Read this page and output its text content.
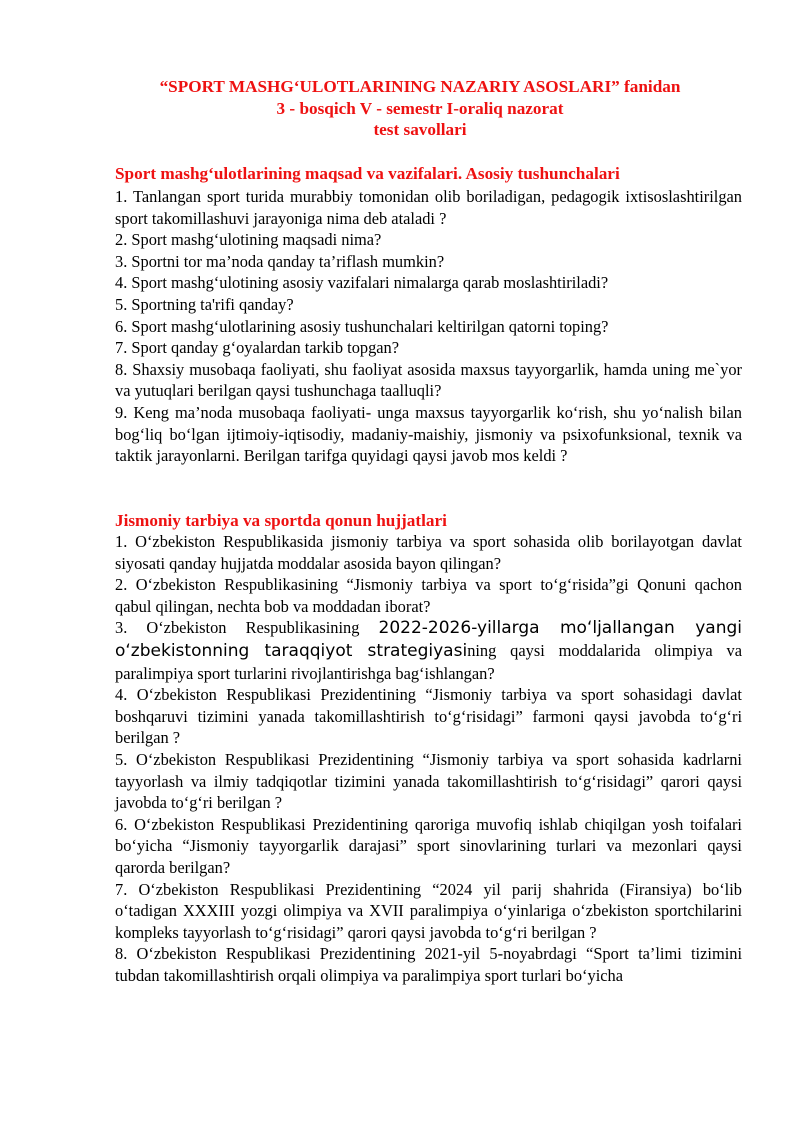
“SPORT MASHG‘ULOTLARINING NAZARIY ASOSLARI” fanidan
3 - bosqich V - semestr I-oraliq nazorat
test savollari
Sport mashg‘ulotlarining maqsad va vazifalari. Asosiy tushunchalari

1. Tanlangan sport turida murabbiy tomonidan olib boriladigan, pedagogik ixtisoslashtirilgan sport takomillashuvi jarayoniga nima deb ataladi ?

2. Sport mashg‘ulotining maqsadi nima?

3. Sportni tor ma’noda qanday ta’riflash mumkin?

4. Sport mashg‘ulotining asosiy vazifalari nimalarga qarab moslashtiriladi?

5. Sportning ta'rifi qanday?

6. Sport mashg‘ulotlarining asosiy tushunchalari keltirilgan qatorni toping?

7. Sport qanday g‘oyalardan tarkib topgan?

8. Shaxsiy musobaqa faoliyati, shu faoliyat asosida maxsus tayyorgarlik, hamda uning me`yor va yutuqlari berilgan qaysi tushunchaga taalluqli?

9. Keng ma’noda musobaqa faoliyati- unga maxsus tayyorgarlik ko‘rish, shu yo‘nalish bilan bog‘liq bo‘lgan ijtimoiy-iqtisodiy, madaniy-maishiy, jismoniy va psixofunksional, texnik va taktik jarayonlarni. Berilgan tarifga quyidagi qaysi javob mos keldi ?

Jismoniy tarbiya va sportda qonun hujjatlari

1. O‘zbekiston Respublikasida jismoniy tarbiya va sport sohasida olib borilayotgan davlat siyosati qanday hujjatda moddalar asosida bayon qilingan?

2. O‘zbekiston Respublikasining “Jismoniy tarbiya va sport to‘g‘risida”gi Qonuni qachon qabul qilingan, nechta bob va moddadan iborat?

3. O‘zbekiston Respublikasining 2022-2026-yillarga mo‘ljallangan yangi o‘zbekistonning taraqqiyot strategiyasining qaysi moddalarida olimpiya va paralimpiya sport turlarini rivojlantirishga bag‘ishlangan?

4. O‘zbekiston Respublikasi Prezidentining “Jismoniy tarbiya va sport sohasidagi davlat boshqaruvi tizimini yanada takomillashtirish to‘g‘risidagi” farmoni qaysi javobda to‘g‘ri berilgan ?

5. O‘zbekiston Respublikasi Prezidentining “Jismoniy tarbiya va sport sohasida kadrlarni tayyorlash va ilmiy tadqiqotlar tizimini yanada takomillashtirish to‘g‘risidagi” qarori qaysi javobda to‘g‘ri berilgan ?

6. O‘zbekiston Respublikasi Prezidentining qaroriga muvofiq ishlab chiqilgan yosh toifalari bo‘yicha “Jismoniy tayyorgarlik darajasi” sport sinovlarining turlari va mezonlari qaysi qarorda berilgan?

7. O‘zbekiston Respublikasi Prezidentining “2024 yil parij shahrida (Firansiya) bo‘lib o‘tadigan XXXIII yozgi olimpiya va XVII paralimpiya o‘yinlariga o‘zbekiston sportchilarini kompleks tayyorlash to‘g‘risidagi” qarori qaysi javobda to‘g‘ri berilgan ?

8. O‘zbekiston Respublikasi Prezidentining 2021-yil 5-noyabrdagi “Sport ta’limi tizimini tubdan takomillashtirish orqali olimpiya va paralimpiya sport turlari bo‘yicha
